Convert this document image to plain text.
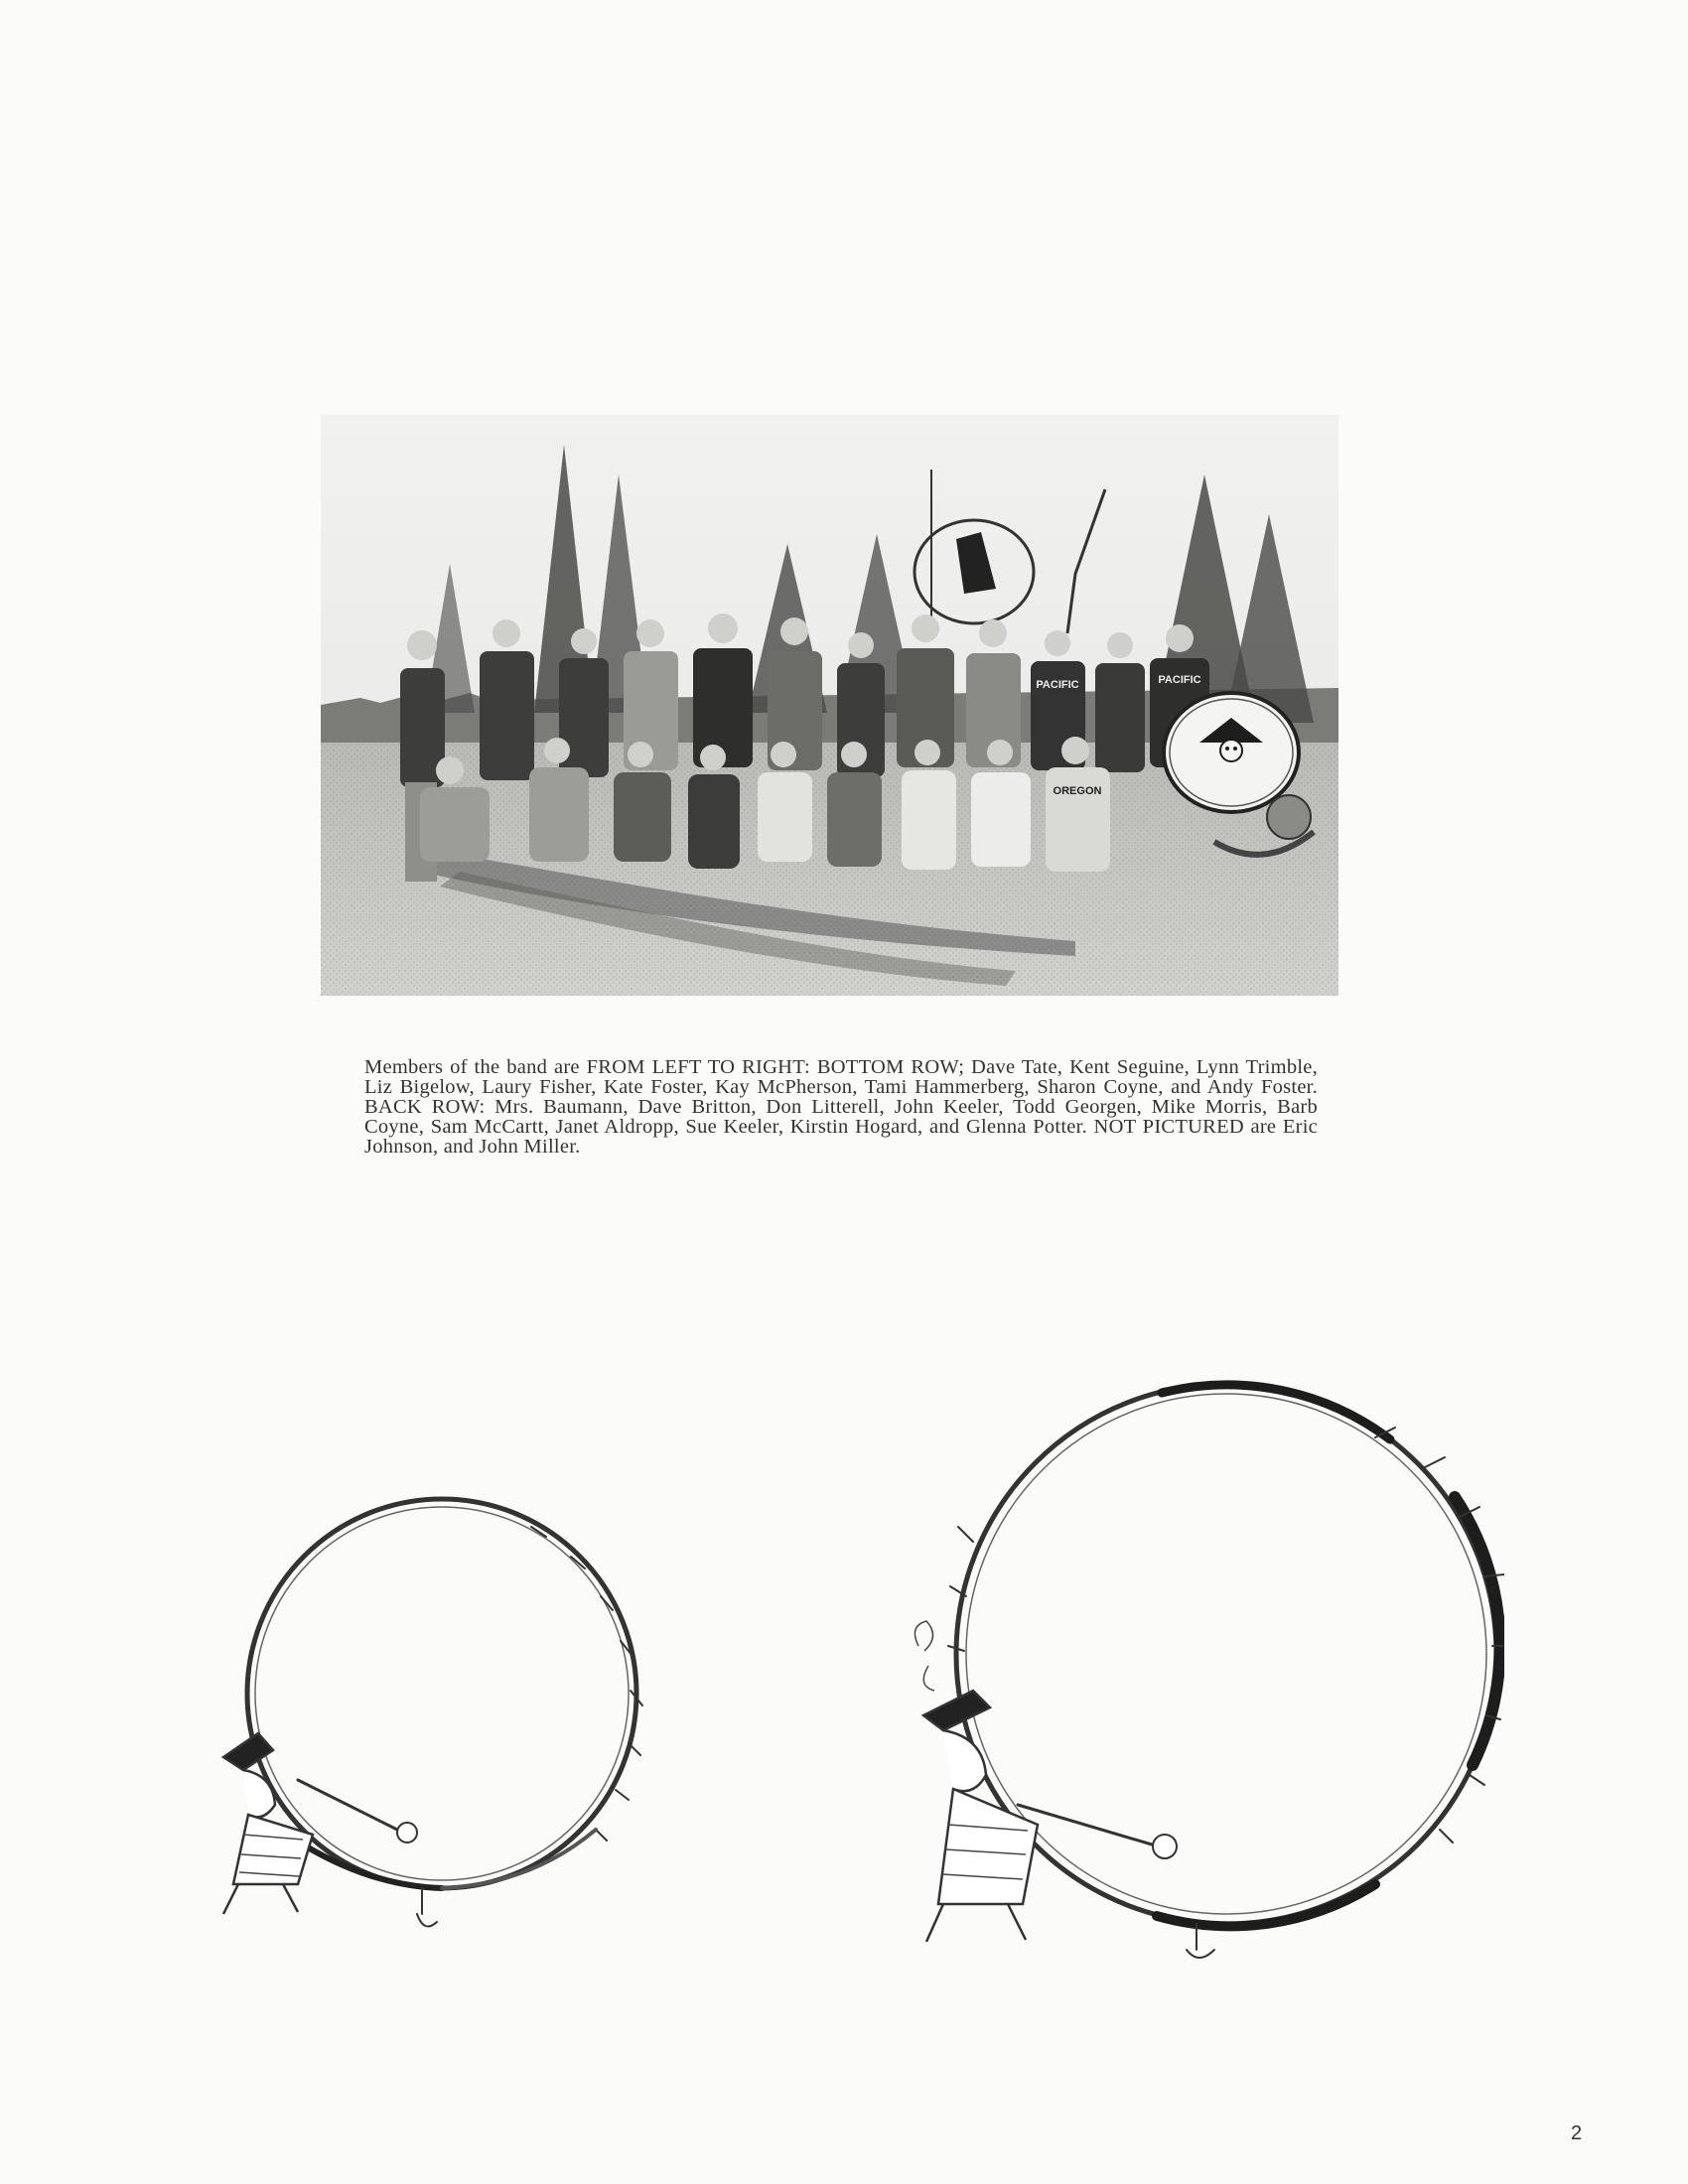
PACIFIC	PACIFIC
OREGON

Members of the band are FROM LEFT TO RIGHT: BOTTOM ROW; Dave Tate, Kent Seguine, Lynn Trimble, Liz Bigelow, Laury Fisher, Kate Foster, Kay McPherson, Tami Hammerberg, Sharon Coyne, and Andy Foster. BACK ROW: Mrs. Baumann, Dave Britton, Don Litterell, John Keeler, Todd Georgen, Mike Morris, Barb Coyne, Sam McCartt, Janet Aldropp, Sue Keeler, Kirstin Hogard, and Glenna Potter. NOT PICTURED are Eric Johnson, and John Miller.

2
